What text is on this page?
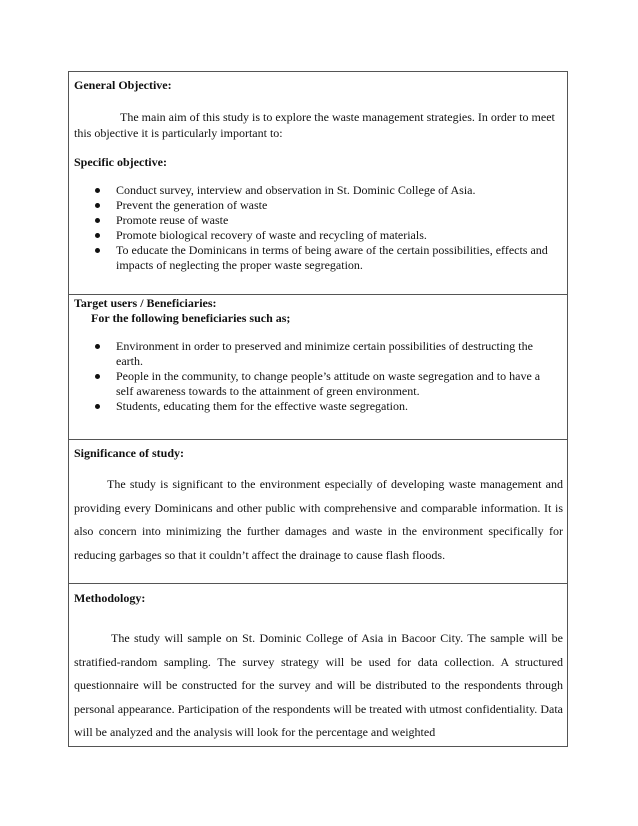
General Objective:

The main aim of this study is to explore the waste management strategies. In order to meet this objective it is particularly important to:

Specific objective:

Conduct survey, interview and observation in St. Dominic College of Asia.
Prevent the generation of waste
Promote reuse of waste
Promote biological recovery of waste and recycling of materials.
To educate the Dominicans in terms of being aware of the certain possibilities, effects and impacts of neglecting the proper waste segregation.

Target users / Beneficiaries:

For the following beneficiaries such as;

Environment in order to preserved and minimize certain possibilities of destructing the earth.
People in the community, to change people’s attitude on waste segregation and to have a self awareness towards to the attainment of green environment.
Students, educating them for the effective waste segregation.

Significance of study:

The study is significant to the environment especially of developing waste management and providing every Dominicans and other public with comprehensive and comparable information. It is also concern into minimizing the further damages and waste in the environment specifically for reducing garbages so that it couldn’t affect the drainage to cause flash floods.

Methodology:

The study will sample on St. Dominic College of Asia in Bacoor City. The sample will be stratified-random sampling. The survey strategy will be used for data collection. A structured questionnaire will be constructed for the survey and will be distributed to the respondents through personal appearance. Participation of the respondents will be treated with utmost confidentiality. Data will be analyzed and the analysis will look for the percentage and weighted
